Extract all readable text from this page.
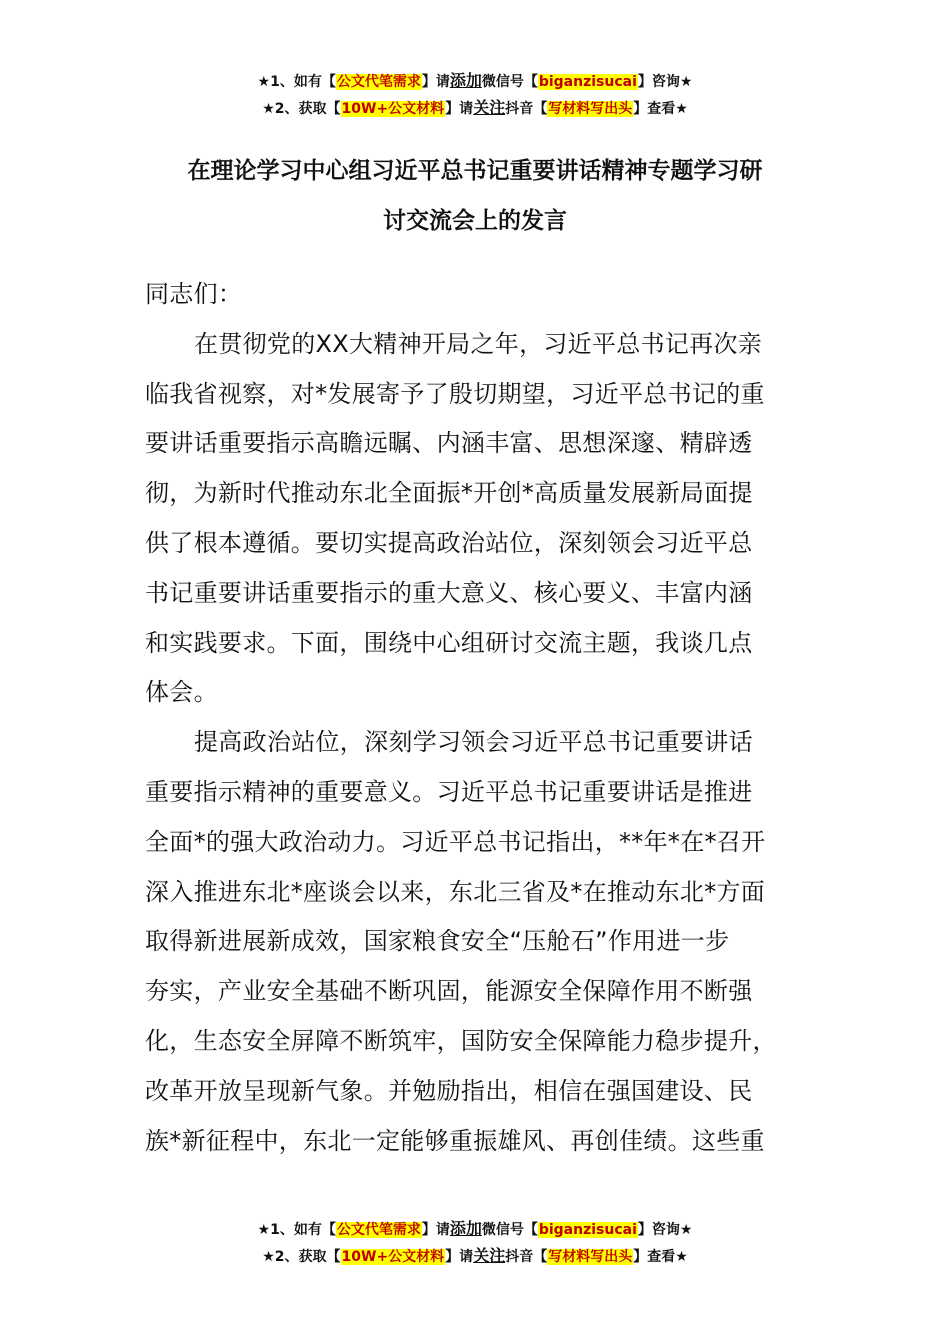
★1、如有【公文代笔需求】请添加微信号【biganzisucai】咨询★
★2、获取【10W+公文材料】请关注抖音【写材料写出头】查看★
在理论学习中心组习近平总书记重要讲话精神专题学习研
讨交流会上的发言
同志们：
在贯彻党的XX大精神开局之年，习近平总书记再次亲
临我省视察，对*发展寄予了殷切期望，习近平总书记的重
要讲话重要指示高瞻远瞩、内涵丰富、思想深邃、精辟透
彻，为新时代推动东北全面振*开创*高质量发展新局面提
供了根本遵循。要切实提高政治站位，深刻领会习近平总
书记重要讲话重要指示的重大意义、核心要义、丰富内涵
和实践要求。下面，围绕中心组研讨交流主题，我谈几点
体会。
提高政治站位，深刻学习领会习近平总书记重要讲话
重要指示精神的重要意义。习近平总书记重要讲话是推进
全面*的强大政治动力。习近平总书记指出，**年*在*召开
深入推进东北*座谈会以来，东北三省及*在推动东北*方面
取得新进展新成效，国家粮食安全“压舱石”作用进一步
夯实，产业安全基础不断巩固，能源安全保障作用不断强
化，生态安全屏障不断筑牢，国防安全保障能力稳步提升，
改革开放呈现新气象。并勉励指出，相信在强国建设、民
族*新征程中，东北一定能够重振雄风、再创佳绩。这些重
★1、如有【公文代笔需求】请添加微信号【biganzisucai】咨询★
★2、获取【10W+公文材料】请关注抖音【写材料写出头】查看★
